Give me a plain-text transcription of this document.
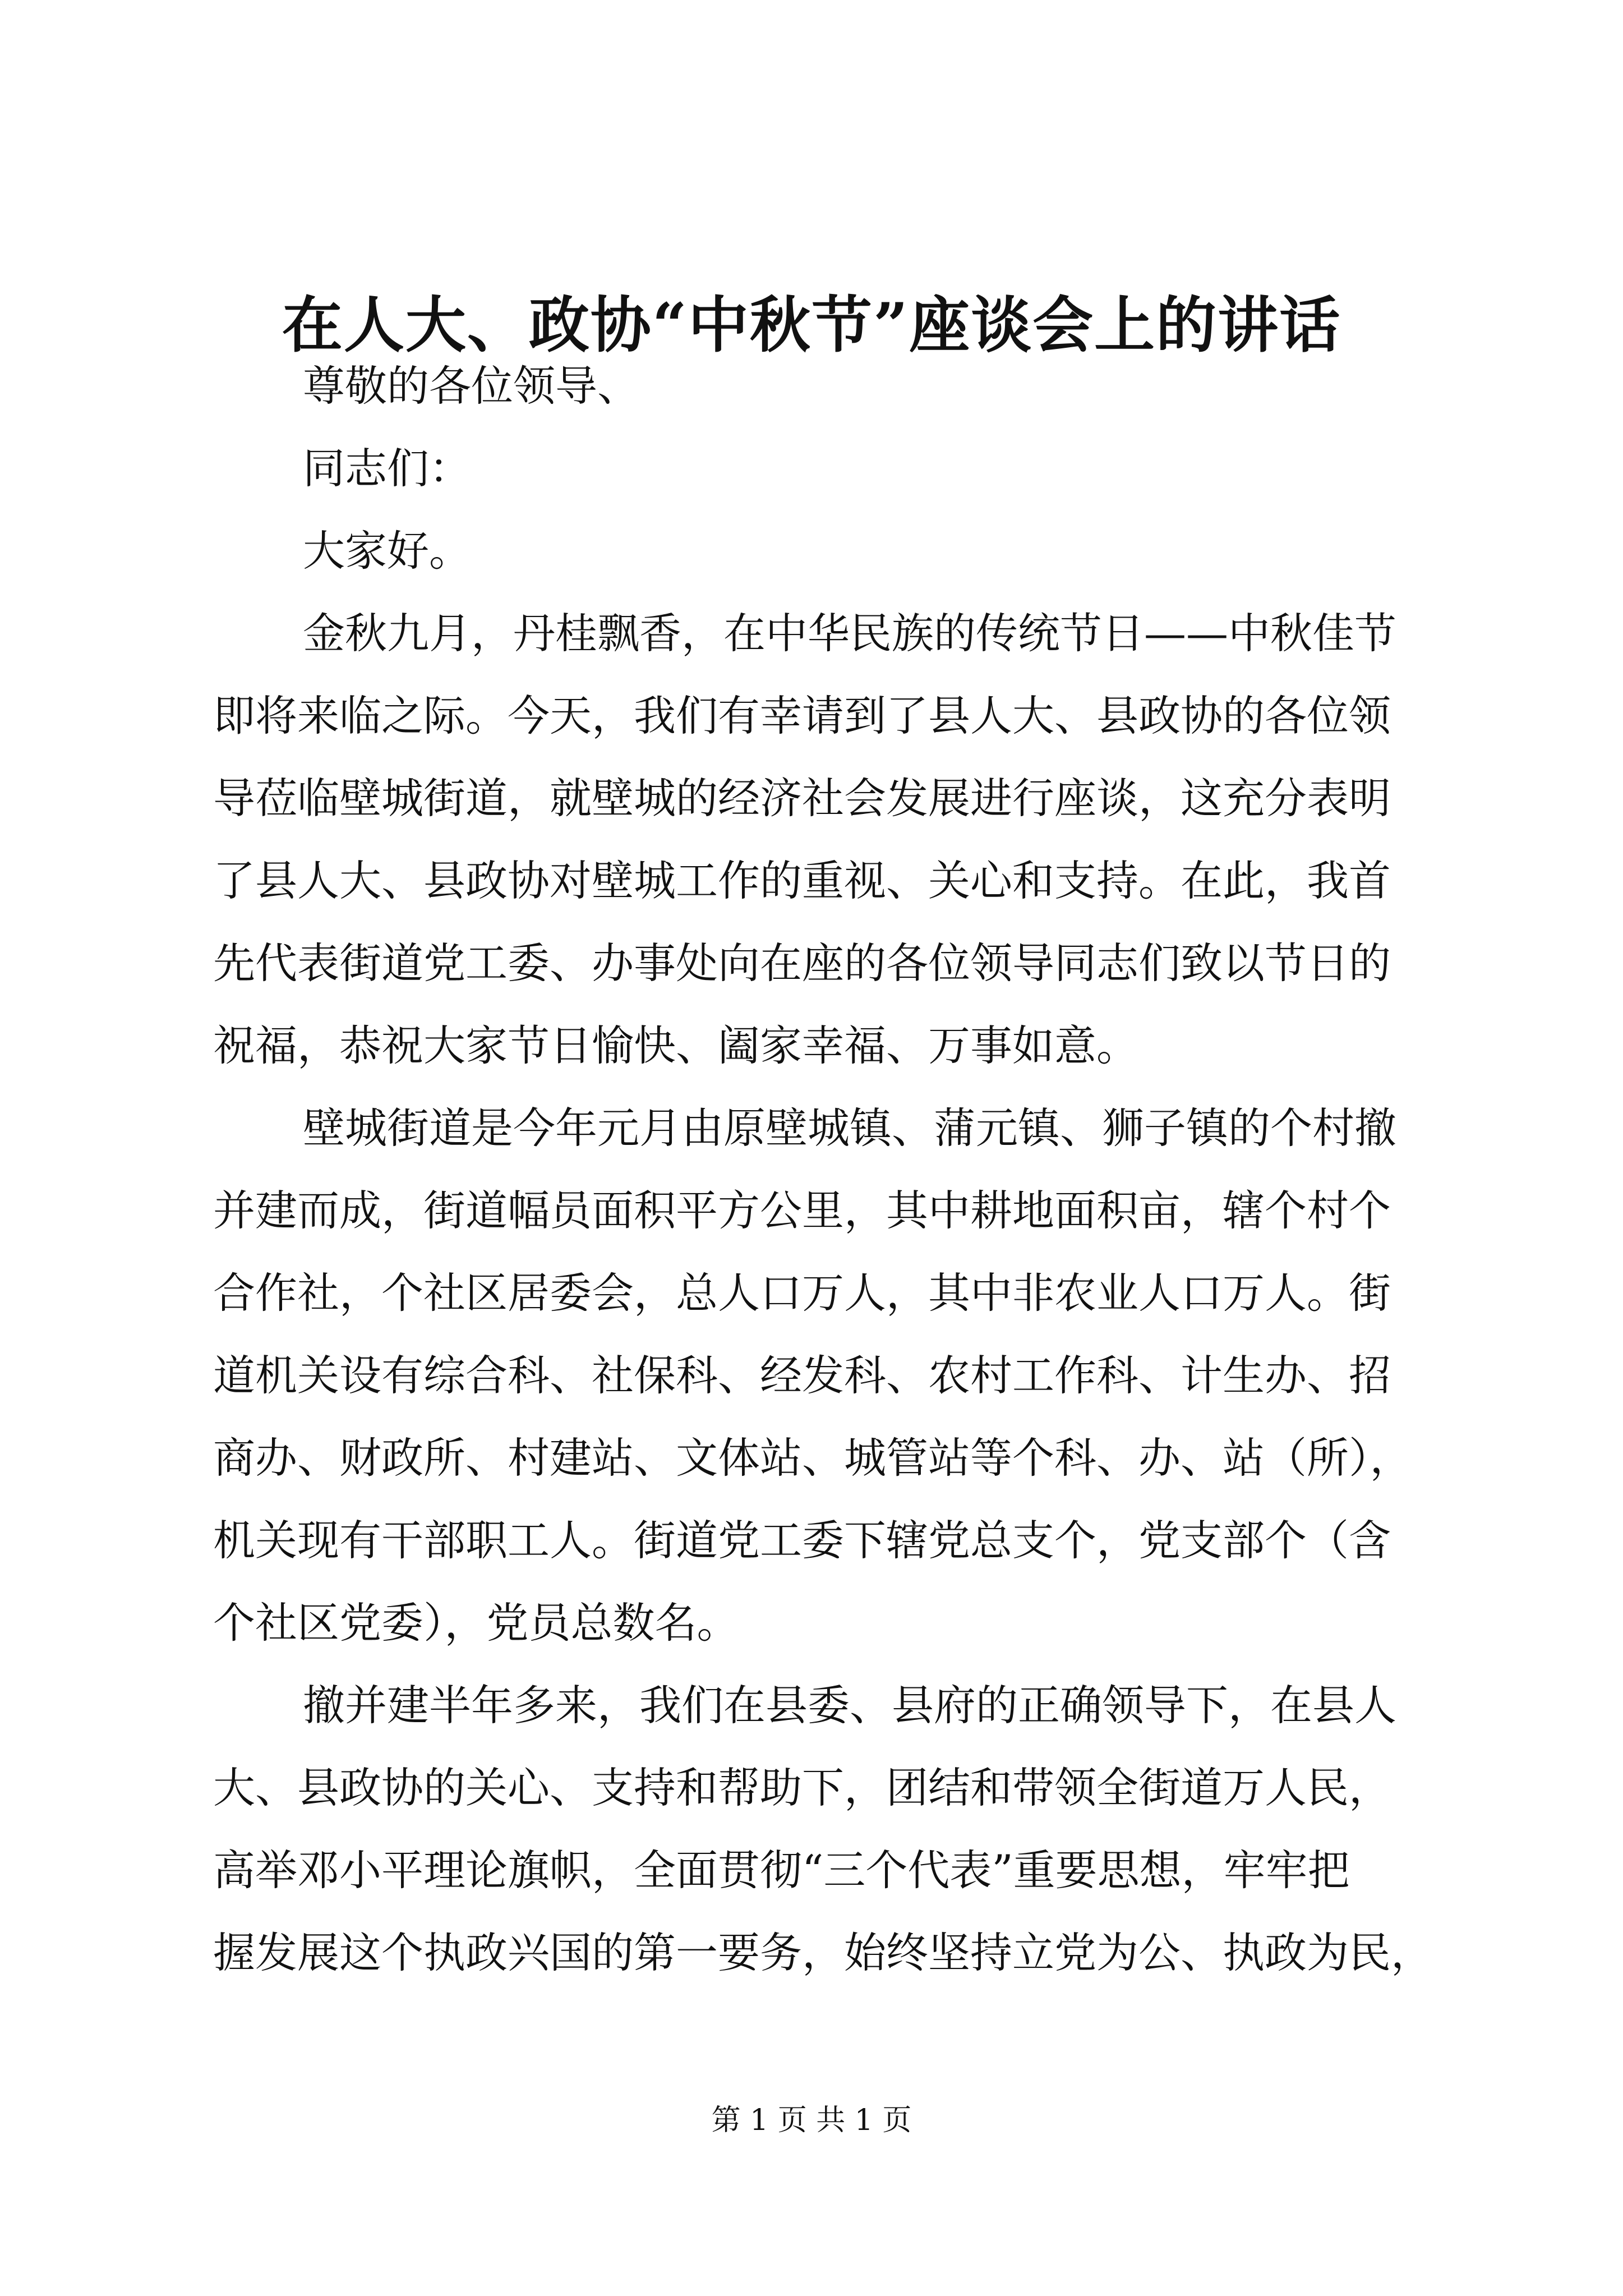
在人大、政协“中秋节”座谈会上的讲话
尊敬的各位领导、
同志们：
大家好。
金秋九月，丹桂飘香，在中华民族的传统节日——中秋佳节
即将来临之际。今天，我们有幸请到了县人大、县政协的各位领
导莅临壁城街道，就壁城的经济社会发展进行座谈，这充分表明
了县人大、县政协对壁城工作的重视、关心和支持。在此，我首
先代表街道党工委、办事处向在座的各位领导同志们致以节日的
祝福，恭祝大家节日愉快、阖家幸福、万事如意。
壁城街道是今年元月由原壁城镇、蒲元镇、狮子镇的个村撤
并建而成，街道幅员面积平方公里，其中耕地面积亩，辖个村个
合作社，个社区居委会，总人口万人，其中非农业人口万人。街
道机关设有综合科、社保科、经发科、农村工作科、计生办、招
商办、财政所、村建站、文体站、城管站等个科、办、站（所），
机关现有干部职工人。街道党工委下辖党总支个，党支部个（含
个社区党委），党员总数名。
撤并建半年多来，我们在县委、县府的正确领导下，在县人
大、县政协的关心、支持和帮助下，团结和带领全街道万人民，
高举邓小平理论旗帜，全面贯彻“三个代表”重要思想，牢牢把
握发展这个执政兴国的第一要务，始终坚持立党为公、执政为民，
第 1 页 共 1 页
